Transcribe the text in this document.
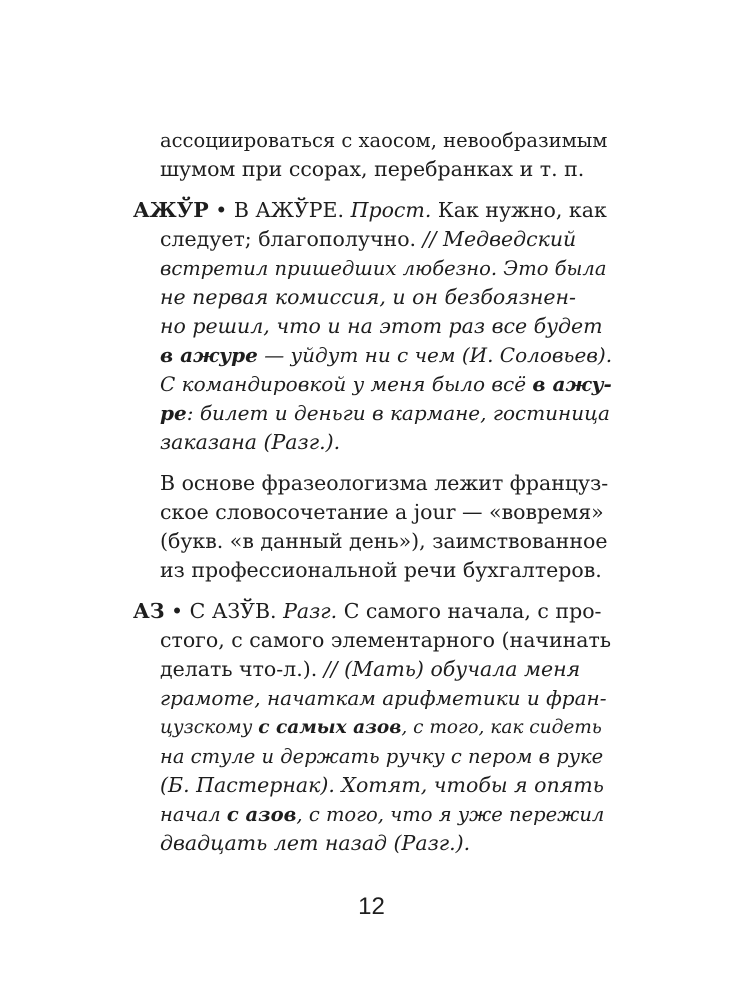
ассоциироваться с хаосом, невообразимым
шумом при ссорах, перебранках и т. п.
АЖЎР • В АЖЎРЕ. Прост. Как нужно, как
следует; благополучно. // Медведский
встретил пришедших любезно. Это была
не первая комиссия, и он безбоязнен-
но решил, что и на этот раз все будет
в ажуре — уйдут ни с чем (И. Соловьев).
С командировкой у меня было всё в ажу-
ре: билет и деньги в кармане, гостиница
заказана (Разг.).
В основе фразеологизма лежит француз-
ское словосочетание a jour — «вовремя»
(букв. «в данный день»), заимствованное
из профессиональной речи бухгалтеров.
АЗ • С АЗЎВ. Разг. С самого начала, с про-
стого, с самого элементарного (начинать
делать что-л.). // (Мать) обучала меня
грамоте, начаткам арифметики и фран-
цузскому с самых азов, с того, как сидеть
на стуле и держать ручку с пером в руке
(Б. Пастернак). Хотят, чтобы я опять
начал с азов, с того, что я уже пережил
двадцать лет назад (Разг.).
12
